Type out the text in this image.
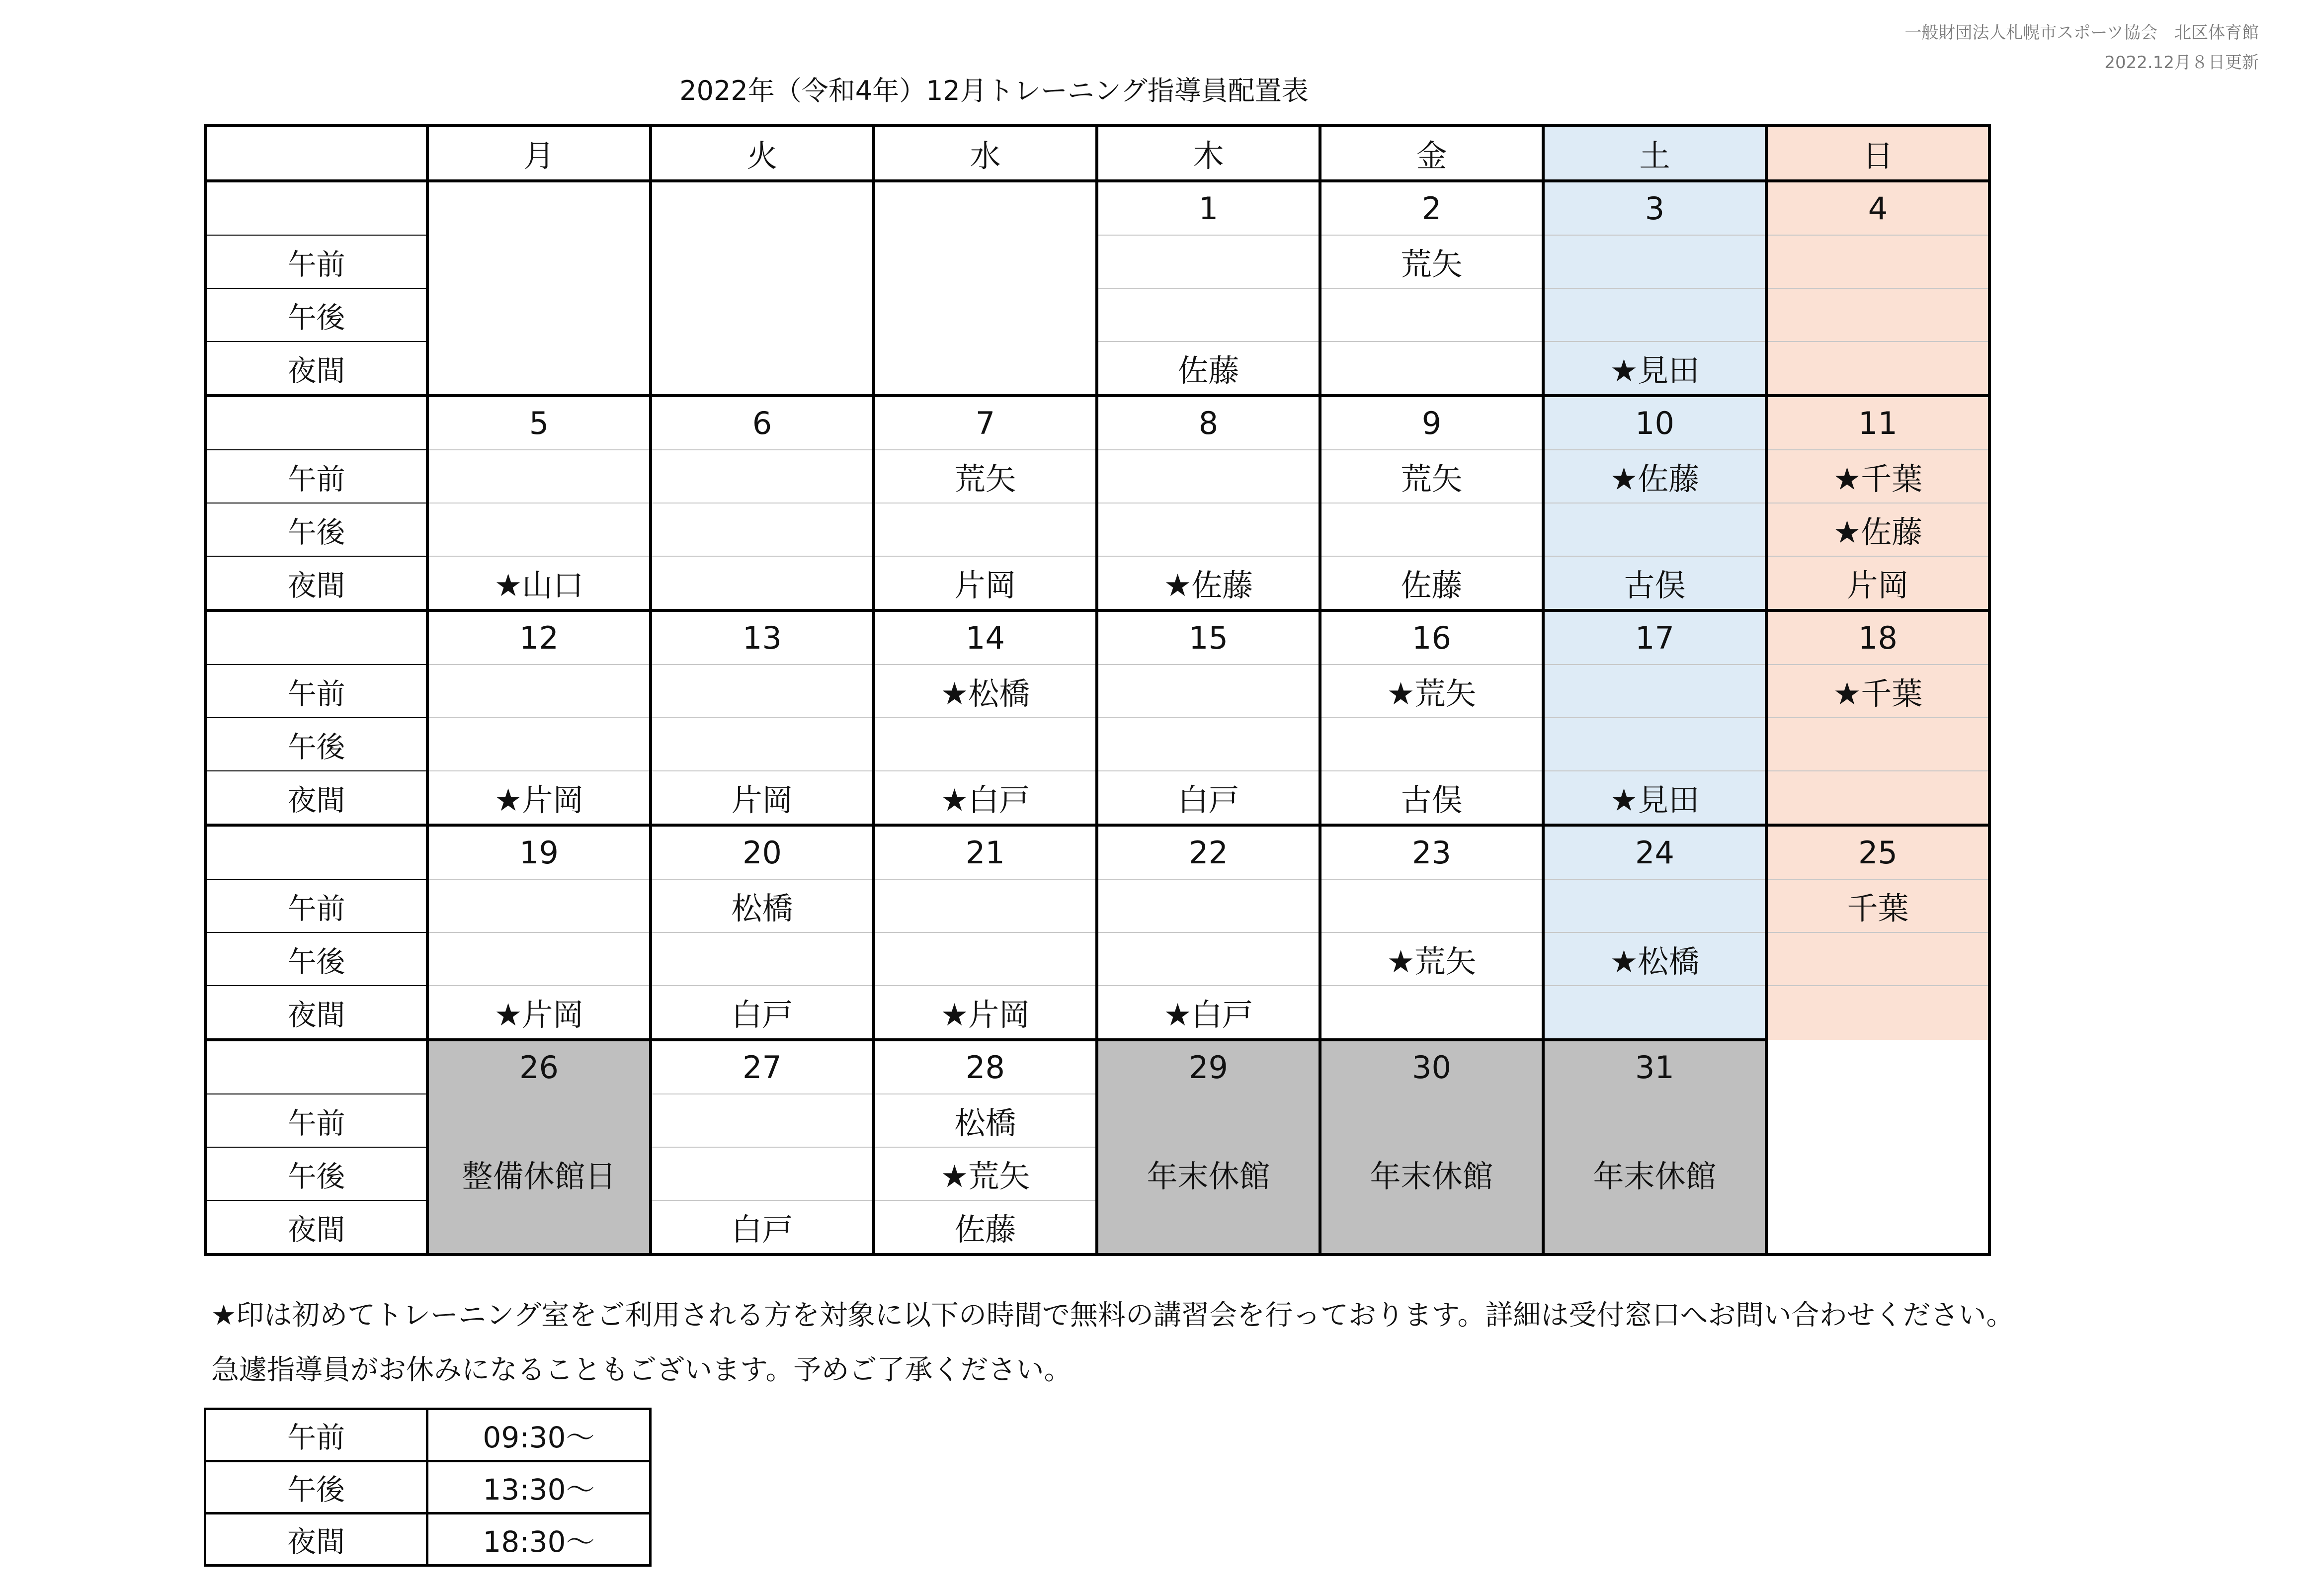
一般財団法人札幌市スポーツ協会　北区体育館
2022.12月８日更新
2022年（令和4年）12月トレーニング指導員配置表
	月	火	水	木	金	土	日
				1	2	3	4
午前					荒矢		
午後							
夜間				佐藤		★見田	
	5	6	7	8	9	10	11
午前			荒矢		荒矢	★佐藤	★千葉
午後							★佐藤
夜間	★山口		片岡	★佐藤	佐藤	古俣	片岡
	12	13	14	15	16	17	18
午前			★松橋		★荒矢		★千葉
午後							
夜間	★片岡	片岡	★白戸	白戸	古俣	★見田	
	19	20	21	22	23	24	25
午前		松橋					千葉
午後					★荒矢	★松橋	
夜間	★片岡	白戸	★片岡	★白戸			
	26	27	28	29	30	31	
午前			松橋				
午後	整備休館日		★荒矢	年末休館	年末休館	年末休館	
夜間		白戸	佐藤				
★印は初めてトレーニング室をご利用される方を対象に以下の時間で無料の講習会を行っております。詳細は受付窓口へお問い合わせください。
急遽指導員がお休みになることもございます。予めご了承ください。
午前	09:30～
午後	13:30～
夜間	18:30～
